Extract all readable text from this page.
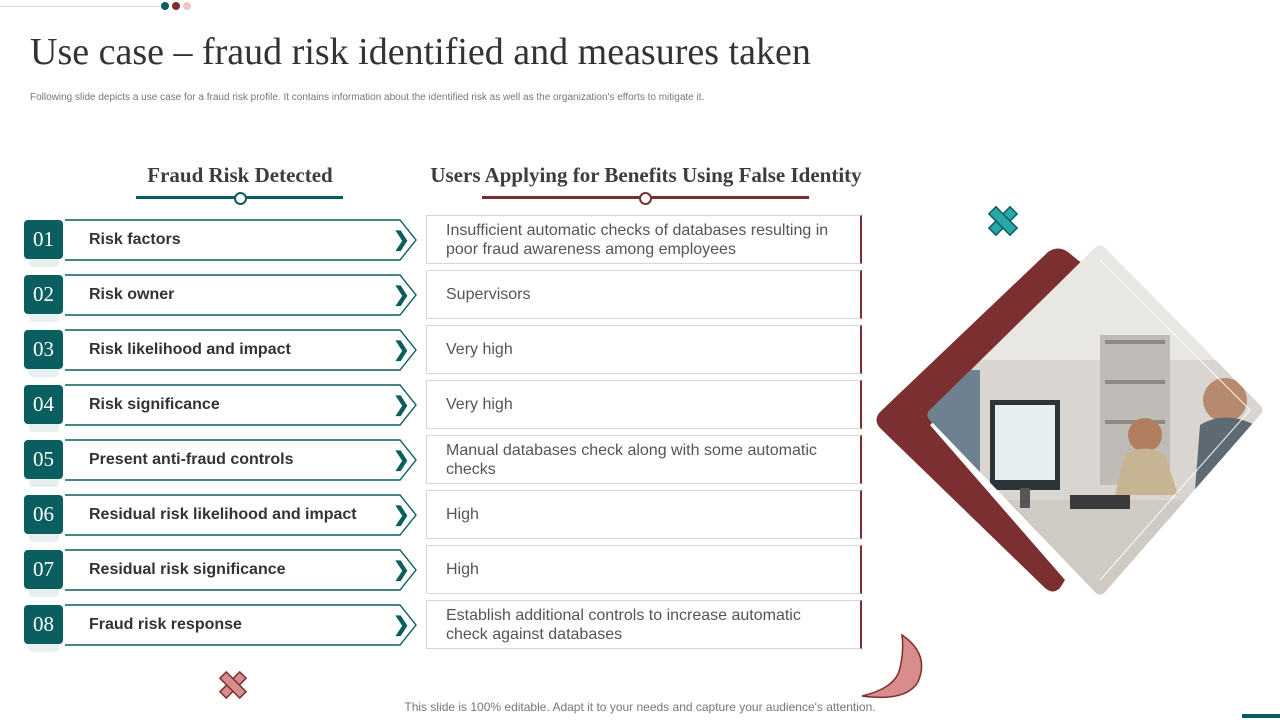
Use case – fraud risk identified and measures taken
Following slide depicts a use case for a fraud risk profile. It contains information about the identified risk as well as the organization's efforts to mitigate it.
Fraud Risk Detected	Users Applying for Benefits Using False Identity
01	Risk factors	❯	Insufficient automatic checks of databases resulting in poor fraud awareness among employees
02	Risk owner	❯	Supervisors
03	Risk likelihood and impact	❯	Very high
04	Risk significance	❯	Very high
05	Present anti-fraud controls	❯	Manual databases check along with some automatic checks
06	Residual risk likelihood and impact ❯	High
07	Residual risk significance	❯	High
08	Fraud risk response	❯	Establish additional controls to increase automatic check against databases
This slide is 100% editable. Adapt it to your needs and capture your audience's attention.
